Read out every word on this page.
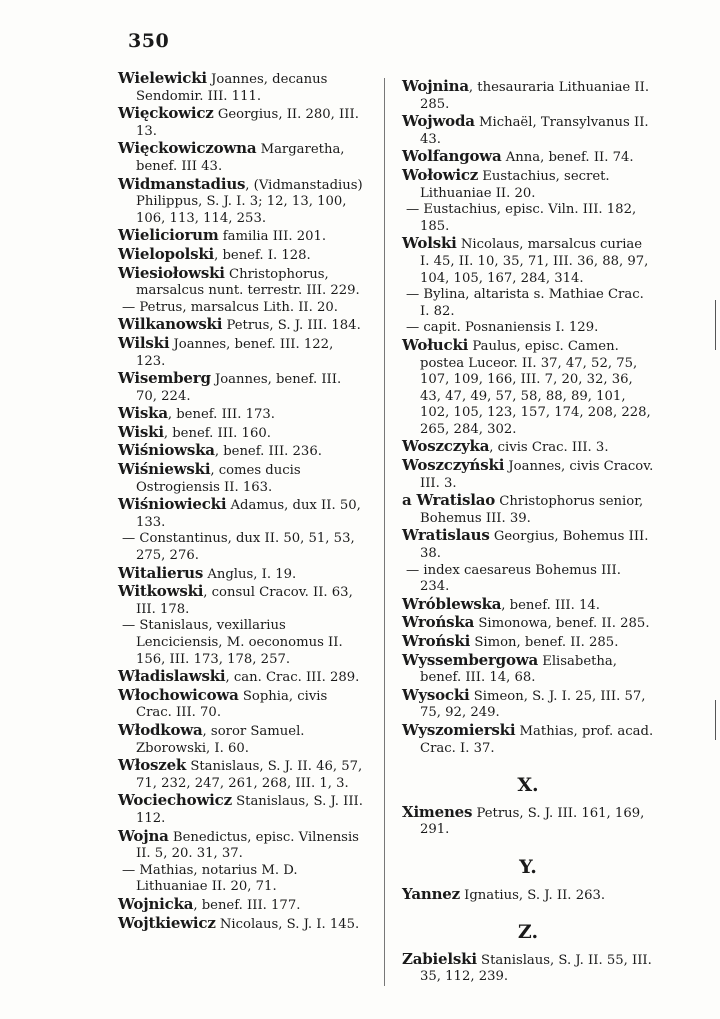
350

Wielewicki Joannes, decanus Sendomir. III. 111.

Więckowicz Georgius, II. 280, III. 13.

Więckowiczowna Margaretha, benef. III 43.

Widmanstadius, (Vidmanstadius) Philippus, S. J. I. 3; 12, 13, 100, 106, 113, 114, 253.

Wieliciorum familia III. 201.

Wielopolski, benef. I. 128.

Wiesiołowski Christophorus, marsalcus nunt. terrestr. III. 229.

— Petrus, marsalcus Lith. II. 20.

Wilkanowski Petrus, S. J. III. 184.

Wilski Joannes, benef. III. 122, 123.

Wisemberg Joannes, benef. III. 70, 224.

Wiska, benef. III. 173.

Wiski, benef. III. 160.

Wiśniowska, benef. III. 236.

Wiśniewski, comes ducis Ostrogiensis II. 163.

Wiśniowiecki Adamus, dux II. 50, 133.

— Constantinus, dux II. 50, 51, 53, 275, 276.

Witalierus Anglus, I. 19.

Witkowski, consul Cracov. II. 63, III. 178.

— Stanislaus, vexillarius Lenciciensis, M. oeconomus II. 156, III. 173, 178, 257.

Władislawski, can. Crac. III. 289.

Włochowicowa Sophia, civis Crac. III. 70.

Włodkowa, soror Samuel. Zborowski, I. 60.

Włoszek Stanislaus, S. J. II. 46, 57, 71, 232, 247, 261, 268, III. 1, 3.

Wociechowicz Stanislaus, S. J. III. 112.

Wojna Benedictus, episc. Vilnensis II. 5, 20. 31, 37.

— Mathias, notarius M. D. Lithuaniae II. 20, 71.

Wojnicka, benef. III. 177.

Wojtkiewicz Nicolaus, S. J. I. 145.

Wojnina, thesauraria Lithuaniae II. 285.

Wojwoda Michaël, Transylvanus II. 43.

Wolfangowa Anna, benef. II. 74.

Wołowicz Eustachius, secret. Lithuaniae II. 20.

— Eustachius, episc. Viln. III. 182, 185.

Wolski Nicolaus, marsalcus curiae I. 45, II. 10, 35, 71, III. 36, 88, 97, 104, 105, 167, 284, 314.

— Bylina, altarista s. Mathiae Crac. I. 82.

— capit. Posnaniensis I. 129.

Wołucki Paulus, episc. Camen. postea Luceor. II. 37, 47, 52, 75, 107, 109, 166, III. 7, 20, 32, 36, 43, 47, 49, 57, 58, 88, 89, 101, 102, 105, 123, 157, 174, 208, 228, 265, 284, 302.

Woszczyka, civis Crac. III. 3.

Woszczyński Joannes, civis Cracov. III. 3.

a Wratislao Christophorus senior, Bohemus III. 39.

Wratislaus Georgius, Bohemus III. 38.

— index caesareus Bohemus III. 234.

Wróblewska, benef. III. 14.

Wrońska Simonowa, benef. II. 285.

Wroński Simon, benef. II. 285.

Wyssembergowa Elisabetha, benef. III. 14, 68.

Wysocki Simeon, S. J. I. 25, III. 57, 75, 92, 249.

Wyszomierski Mathias, prof. acad. Crac. I. 37.

X.

Ximenes Petrus, S. J. III. 161, 169, 291.

Y.

Yannez Ignatius, S. J. II. 263.

Z.

Zabielski Stanislaus, S. J. II. 55, III. 35, 112, 239.
